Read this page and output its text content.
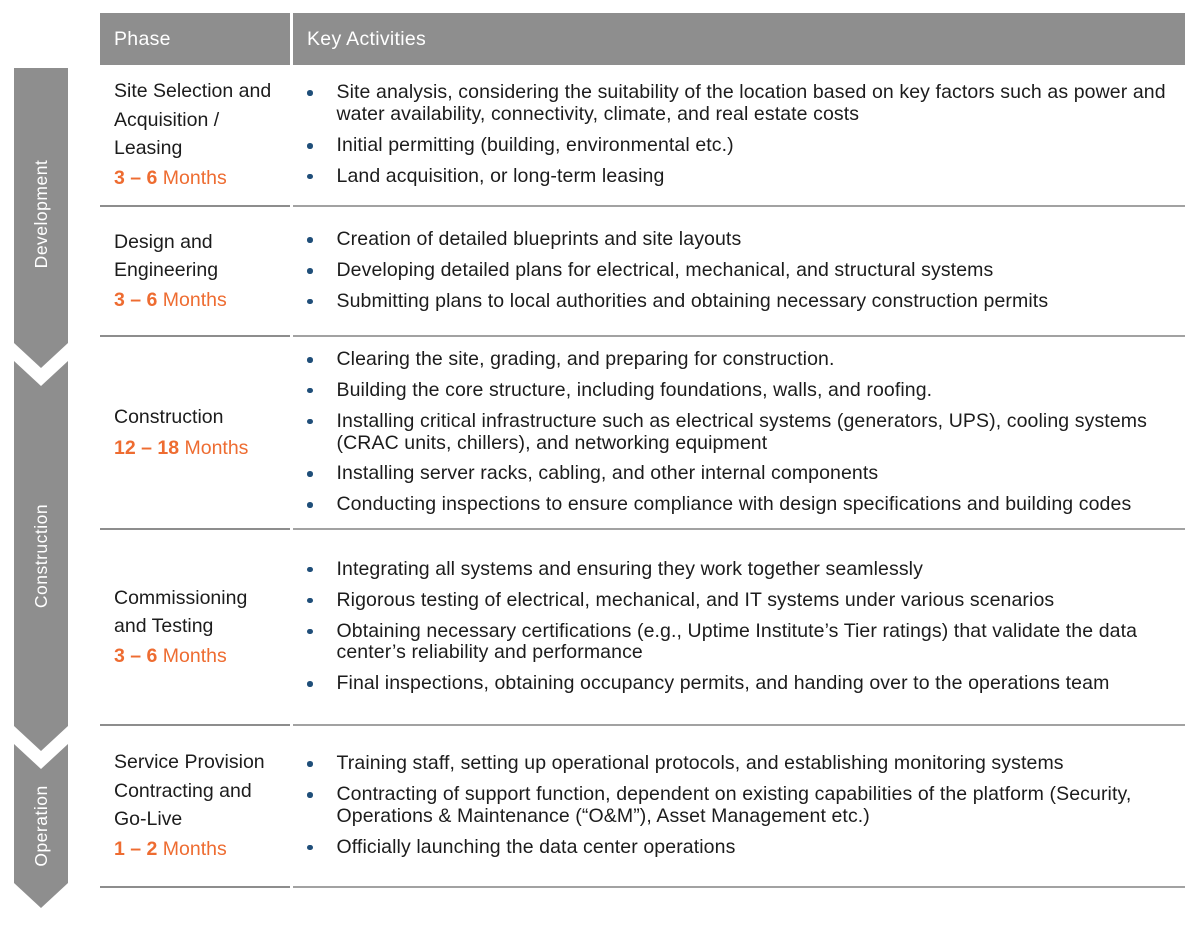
Development
Construction
Operation
Phase	Key Activities
Site Selection and Acquisition / Leasing
3 – 6 Months
Site analysis, considering the suitability of the location based on key factors such as power and water availability, connectivity, climate, and real estate costs
Initial permitting (building, environmental etc.)
Land acquisition, or long-term leasing
Design and Engineering
3 – 6 Months
Creation of detailed blueprints and site layouts
Developing detailed plans for electrical, mechanical, and structural systems
Submitting plans to local authorities and obtaining necessary construction permits
Construction
12 – 18 Months
Clearing the site, grading, and preparing for construction.
Building the core structure, including foundations, walls, and roofing.
Installing critical infrastructure such as electrical systems (generators, UPS), cooling systems (CRAC units, chillers), and networking equipment
Installing server racks, cabling, and other internal components
Conducting inspections to ensure compliance with design specifications and building codes
Commissioning and Testing
3 – 6 Months
Integrating all systems and ensuring they work together seamlessly
Rigorous testing of electrical, mechanical, and IT systems under various scenarios
Obtaining necessary certifications (e.g., Uptime Institute’s Tier ratings) that validate the data center’s reliability and performance
Final inspections, obtaining occupancy permits, and handing over to the operations team
Service Provision Contracting and Go-Live
1 – 2 Months
Training staff, setting up operational protocols, and establishing monitoring systems
Contracting of support function, dependent on existing capabilities of the platform (Security, Operations & Maintenance (“O&M”), Asset Management etc.)
Officially launching the data center operations
